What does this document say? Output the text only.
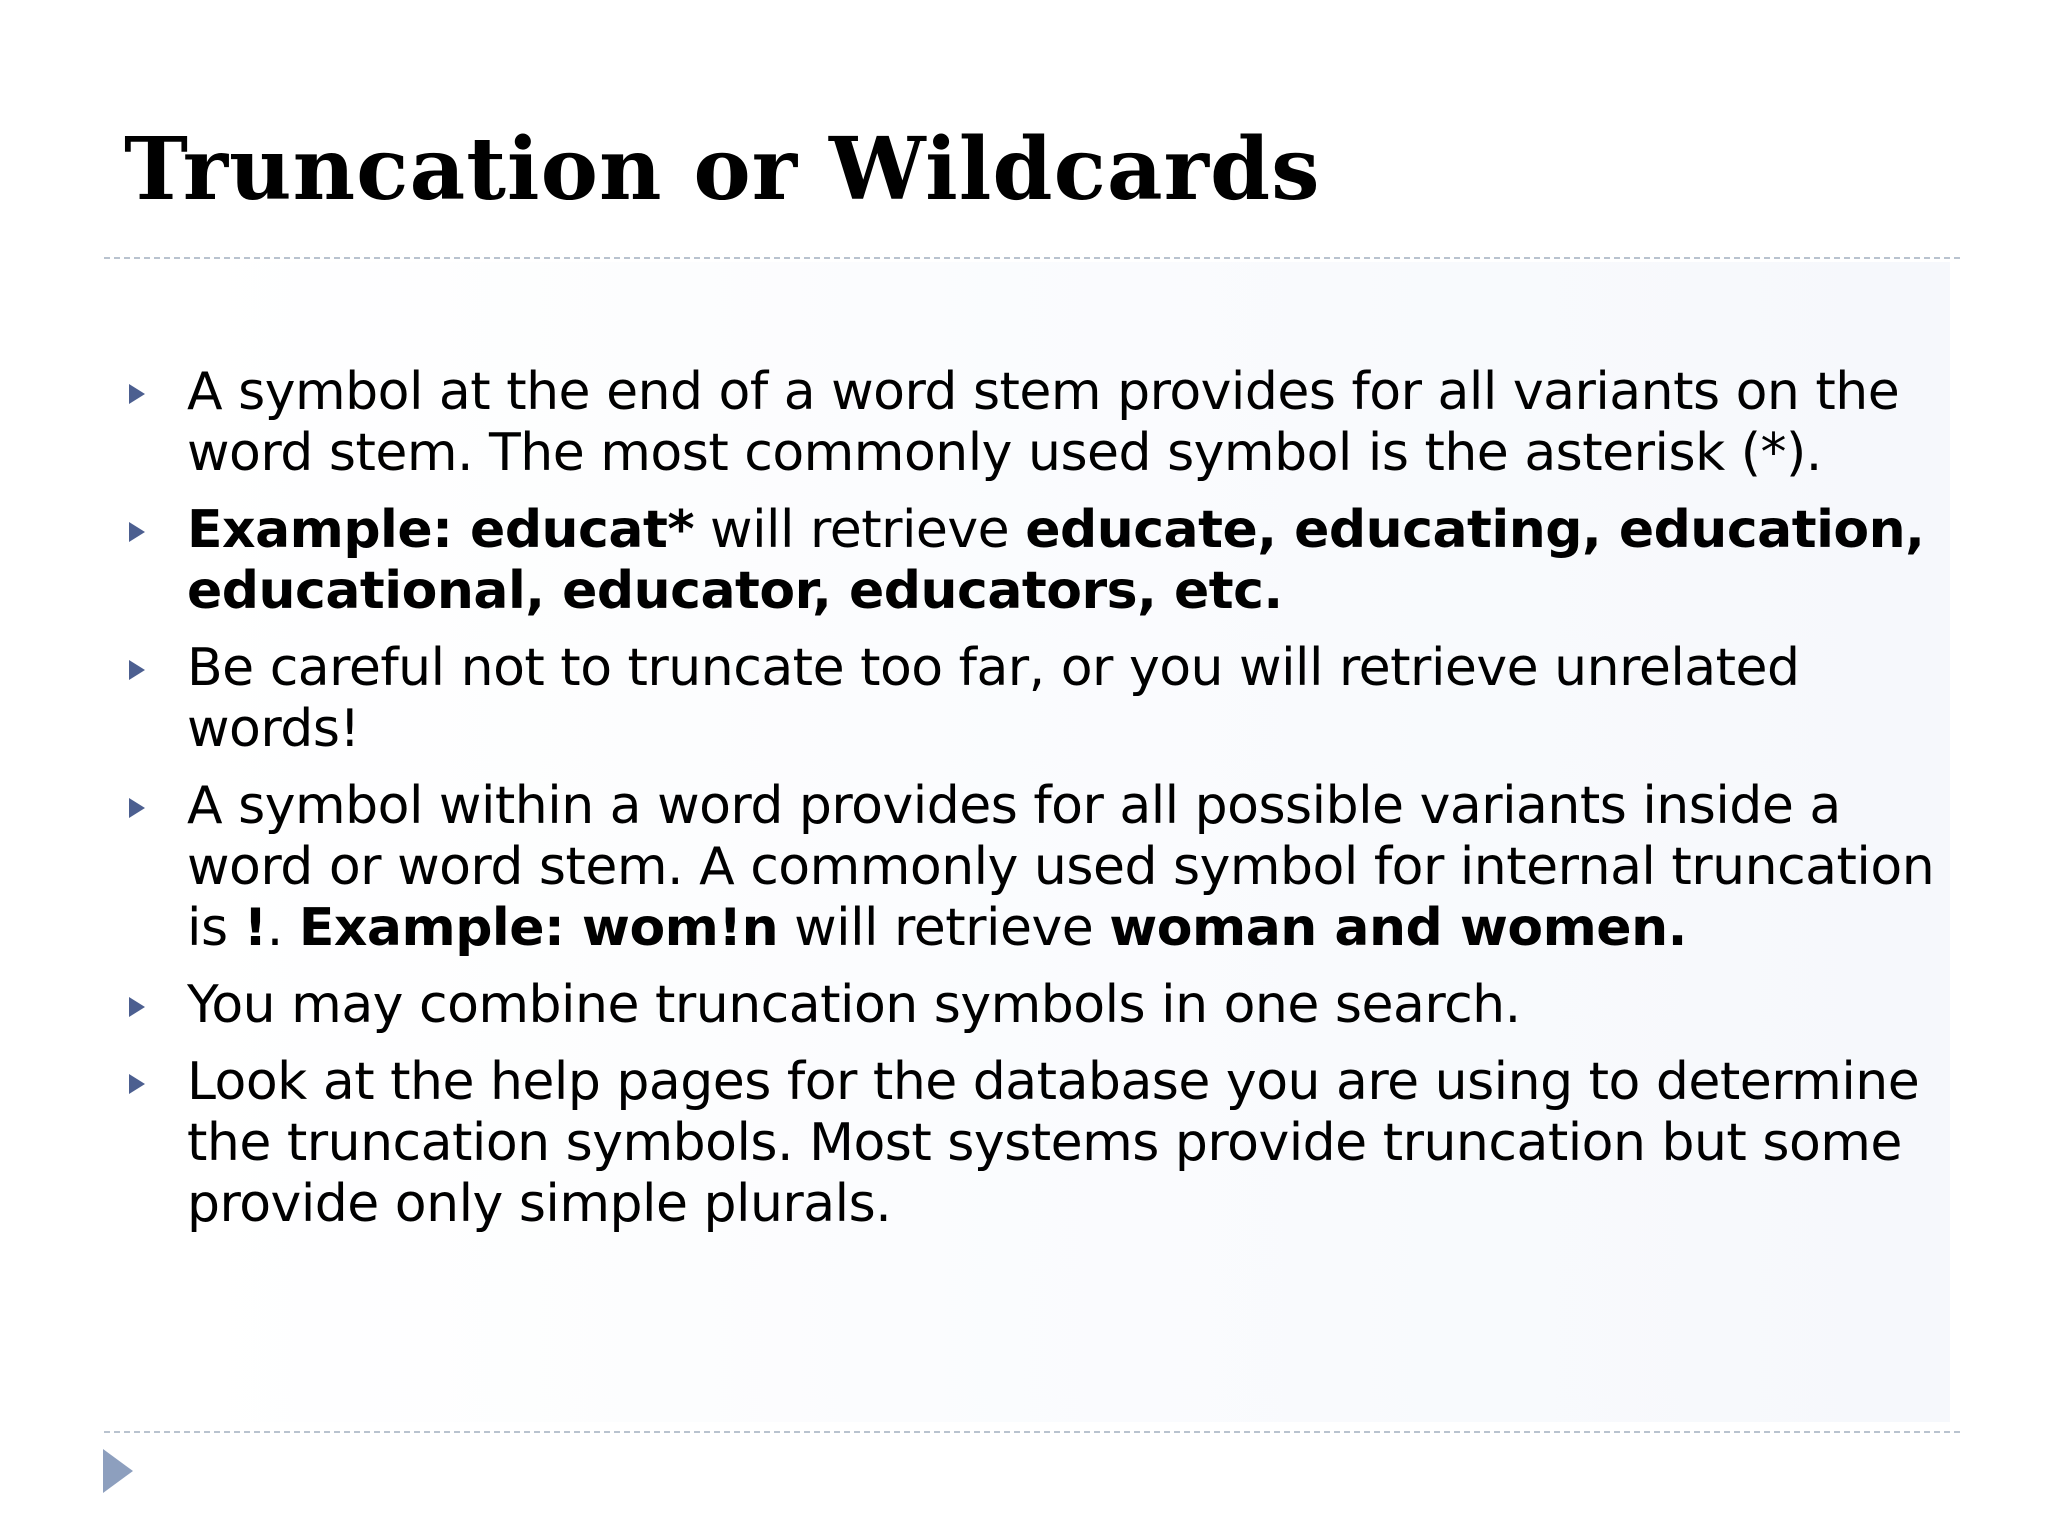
Truncation or Wildcards
A symbol at the end of a word stem provides for all variants on the word stem. The most commonly used symbol is the asterisk (*).
Example: educat* will retrieve educate, educating, education, educational, educator, educators, etc.
Be careful not to truncate too far, or you will retrieve unrelated words!
A symbol within a word provides for all possible variants inside a word or word stem. A commonly used symbol for internal truncation is !. Example: wom!n will retrieve woman and women.
You may combine truncation symbols in one search.
Look at the help pages for the database you are using to determine the truncation symbols. Most systems provide truncation but some provide only simple plurals.
